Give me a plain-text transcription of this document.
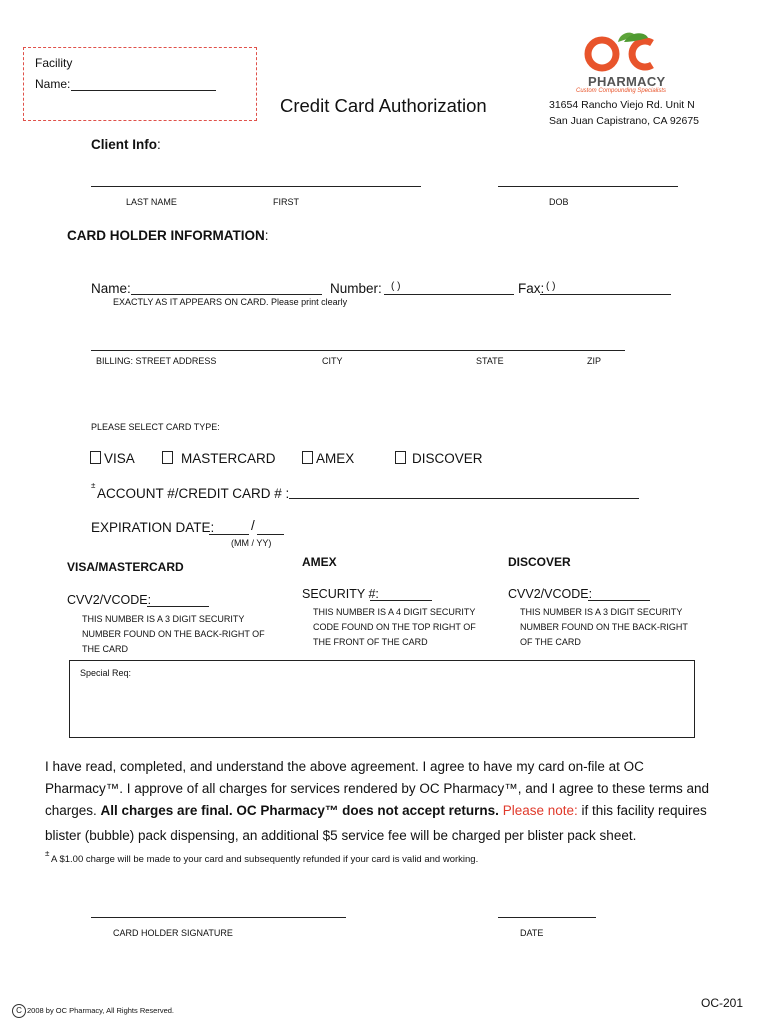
Facility
Name:
Credit Card Authorization
PHARMACY
Custom Compounding Specialists
31654 Rancho Viejo Rd. Unit N
San Juan Capistrano, CA 92675
Client Info:
LAST NAME	FIRST	DOB
CARD HOLDER INFORMATION:
Name:	Number: ( )	Fax: ( )
EXACTLY AS IT APPEARS ON CARD. Please print clearly
BILLING: STREET ADDRESS	CITY	STATE	ZIP
PLEASE SELECT CARD TYPE:
VISA	MASTERCARD	AMEX	DISCOVER
±
ACCOUNT #/CREDIT CARD # :
EXPIRATION DATE:	/
(MM / YY)
VISA/MASTERCARD
CVV2/VCODE:
THIS NUMBER IS A 3 DIGIT SECURITY
NUMBER FOUND ON THE BACK-RIGHT OF
THE CARD
AMEX
SECURITY #:
THIS NUMBER IS A 4 DIGIT SECURITY
CODE FOUND ON THE TOP RIGHT OF
THE FRONT OF THE CARD
DISCOVER
CVV2/VCODE:
THIS NUMBER IS A 3 DIGIT SECURITY
NUMBER FOUND ON THE BACK-RIGHT
OF THE CARD
Special Req:
I have read, completed, and understand the above agreement. I agree to have my card on-file at OC
Pharmacy™. I approve of all charges for services rendered by OC Pharmacy™, and I agree to these terms and
charges. All charges are final. OC Pharmacy™ does not accept returns. Please note: if this facility requires
blister (bubble) pack dispensing, an additional $5 service fee will be charged per blister pack sheet.
±
A $1.00 charge will be made to your card and subsequently refunded if your card is valid and working.
CARD HOLDER SIGNATURE	DATE
C 2008 by OC Pharmacy, All Rights Reserved.
OC-201
